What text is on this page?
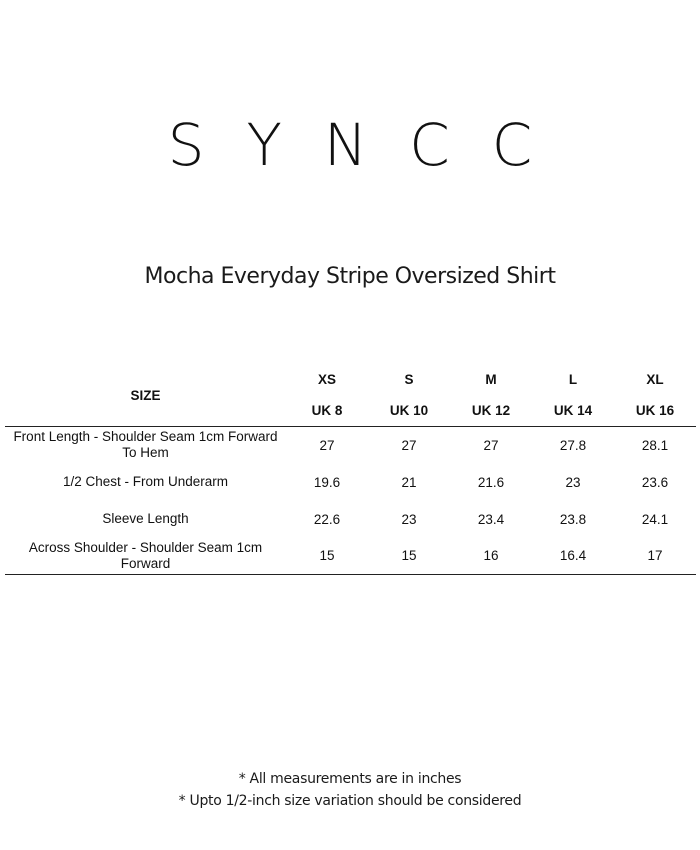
SYNCC
Mocha Everyday Stripe Oversized Shirt
SIZE	XS	S	M	L	XL
	UK 8	UK 10	UK 12	UK 14	UK 16
Front Length - Shoulder Seam 1cm Forward To Hem	27	27	27	27.8	28.1
1/2 Chest - From Underarm	19.6	21	21.6	23	23.6
Sleeve Length	22.6	23	23.4	23.8	24.1
Across Shoulder - Shoulder Seam 1cm Forward	15	15	16	16.4	17
* All measurements are in inches
* Upto 1/2-inch size variation should be considered
